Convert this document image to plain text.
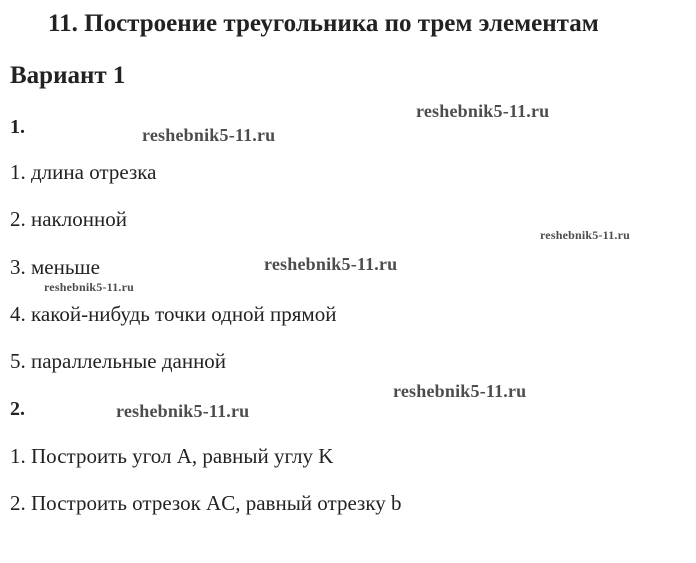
11. Построение треугольника по трем элементам
Вариант 1
1.
1. длина отрезка
2. наклонной
3. меньше
4. какой-нибудь точки одной прямой
5. параллельные данной
2.
1. Построить угол A, равный углу K
2. Построить отрезок AC, равный отрезку b
reshebnik5-11.ru
reshebnik5-11.ru
reshebnik5-11.ru
reshebnik5-11.ru
reshebnik5-11.ru
reshebnik5-11.ru
reshebnik5-11.ru
